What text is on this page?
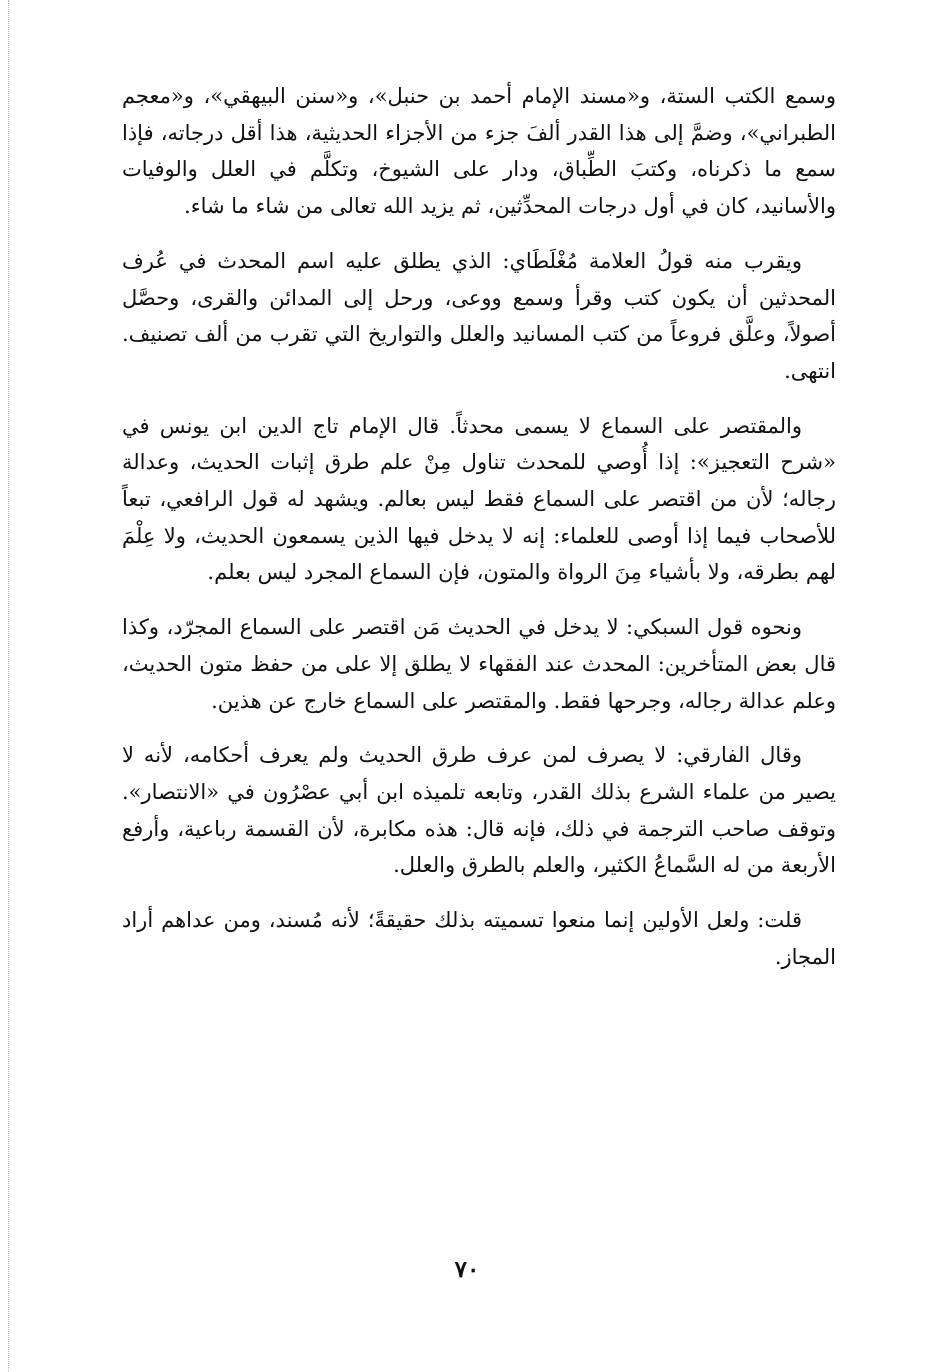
وسمع الكتب الستة، و«مسند الإمام أحمد بن حنبل»، و«سنن البيهقي»، و«معجم الطبراني»، وضمَّ إلى هذا القدر ألفَ جزء من الأجزاء الحديثية، هذا أقل درجاته، فإذا سمع ما ذكرناه، وكتبَ الطِّباق، ودار على الشيوخ، وتكلَّم في العلل والوفيات والأسانيد، كان في أول درجات المحدِّثين، ثم يزيد الله تعالى من شاء ما شاء.

ويقرب منه قولُ العلامة مُغْلَطَاي: الذي يطلق عليه اسم المحدث في عُرف المحدثين أن يكون كتب وقرأ وسمع ووعى، ورحل إلى المدائن والقرى، وحصَّل أصولاً، وعلَّق فروعاً من كتب المسانيد والعلل والتواريخ التي تقرب من ألف تصنيف. انتهى.

والمقتصر على السماع لا يسمى محدثاً. قال الإمام تاج الدين ابن يونس في «شرح التعجيز»: إذا أُوصي للمحدث تناول مِنْ علم طرق إثبات الحديث، وعدالة رجاله؛ لأن من اقتصر على السماع فقط ليس بعالم. ويشهد له قول الرافعي، تبعاً للأصحاب فيما إذا أوصى للعلماء: إنه لا يدخل فيها الذين يسمعون الحديث، ولا عِلْمَ لهم بطرقه، ولا بأشياء مِنَ الرواة والمتون، فإن السماع المجرد ليس بعلم.

ونحوه قول السبكي: لا يدخل في الحديث مَن اقتصر على السماع المجرّد، وكذا قال بعض المتأخرين: المحدث عند الفقهاء لا يطلق إلا على من حفظ متون الحديث، وعلم عدالة رجاله، وجرحها فقط. والمقتصر على السماع خارج عن هذين.

وقال الفارقي: لا يصرف لمن عرف طرق الحديث ولم يعرف أحكامه، لأنه لا يصير من علماء الشرع بذلك القدر، وتابعه تلميذه ابن أبي عصْرُون في «الانتصار». وتوقف صاحب الترجمة في ذلك، فإنه قال: هذه مكابرة، لأن القسمة رباعية، وأرفع الأربعة من له السَّماعُ الكثير، والعلم بالطرق والعلل.

قلت: ولعل الأولين إنما منعوا تسميته بذلك حقيقةً؛ لأنه مُسند، ومن عداهم أراد المجاز.

٧٠
